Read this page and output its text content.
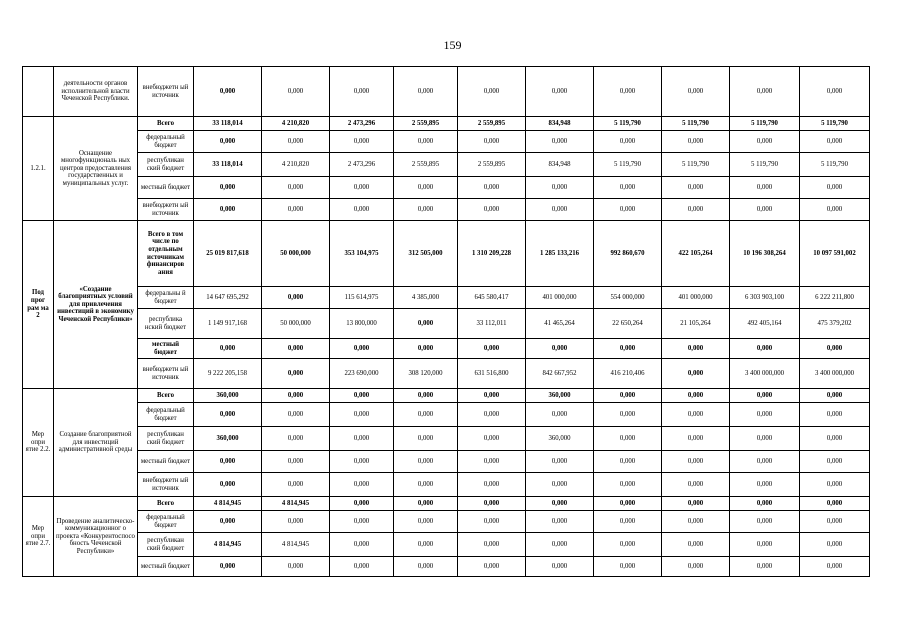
159
	деятельности органов исполнительной власти Чеченской Республики.	внебюджетн ый источник	0,000	0,000	0,000	0,000	0,000	0,000	0,000	0,000	0,000	0,000
1.2.1.	Оснащение многофункциональ ных центров предоставления государственных и муниципальных услуг.	Всего	33 118,014	4 210,820	2 473,296	2 559,895	2 559,895	834,948	5 119,790	5 119,790	5 119,790	5 119,790
		федеральный бюджет	0,000	0,000	0,000	0,000	0,000	0,000	0,000	0,000	0,000	0,000
		республикан ский бюджет	33 118,014	4 210,820	2 473,296	2 559,895	2 559,895	834,948	5 119,790	5 119,790	5 119,790	5 119,790
		местный бюджет	0,000	0,000	0,000	0,000	0,000	0,000	0,000	0,000	0,000	0,000
		внебюджетн ый источник	0,000	0,000	0,000	0,000	0,000	0,000	0,000	0,000	0,000	0,000
Под прог рам ма 2	«Создание благоприятных условий для привлечения инвестиций в экономику Чеченской Республики»	Всего в том числе по отдельным источникам финансиров ания	25 019 817,618	50 000,000	353 104,975	312 505,000	1 310 209,228	1 285 133,216	992 860,670	422 105,264	10 196 308,264	10 097 591,002
		федеральны й бюджет	14 647 695,292	0,000	115 614,975	4 385,000	645 580,417	401 000,000	554 000,000	401 000,000	6 303 903,100	6 222 211,800
		республика нский бюджет	1 149 917,168	50 000,000	13 800,000	0,000	33 112,011	41 465,264	22 650,264	21 105,264	492 405,164	475 379,202
		местный бюджет	0,000	0,000	0,000	0,000	0,000	0,000	0,000	0,000	0,000	0,000
		внебюджетн ый источник	9 222 205,158	0,000	223 690,000	308 120,000	631 516,800	842 667,952	416 210,406	0,000	3 400 000,000	3 400 000,000
Мер опри ятие 2.2.	Создание благоприятной для инвестиций административной среды	Всего	360,000	0,000	0,000	0,000	0,000	360,000	0,000	0,000	0,000	0,000
		федеральный бюджет	0,000	0,000	0,000	0,000	0,000	0,000	0,000	0,000	0,000	0,000
		республикан ский бюджет	360,000	0,000	0,000	0,000	0,000	360,000	0,000	0,000	0,000	0,000
		местный бюджет	0,000	0,000	0,000	0,000	0,000	0,000	0,000	0,000	0,000	0,000
		внебюджетн ый источник	0,000	0,000	0,000	0,000	0,000	0,000	0,000	0,000	0,000	0,000
Мер опри ятие 2.7.	Проведение аналитическо-коммуникационног о проекта «Конкурентоспосо бность Чеченской Республики»	Всего	4 814,945	4 814,945	0,000	0,000	0,000	0,000	0,000	0,000	0,000	0,000
		федеральный бюджет	0,000	0,000	0,000	0,000	0,000	0,000	0,000	0,000	0,000	0,000
		республикан ский бюджет	4 814,945	4 814,945	0,000	0,000	0,000	0,000	0,000	0,000	0,000	0,000
		местный бюджет	0,000	0,000	0,000	0,000	0,000	0,000	0,000	0,000	0,000	0,000
